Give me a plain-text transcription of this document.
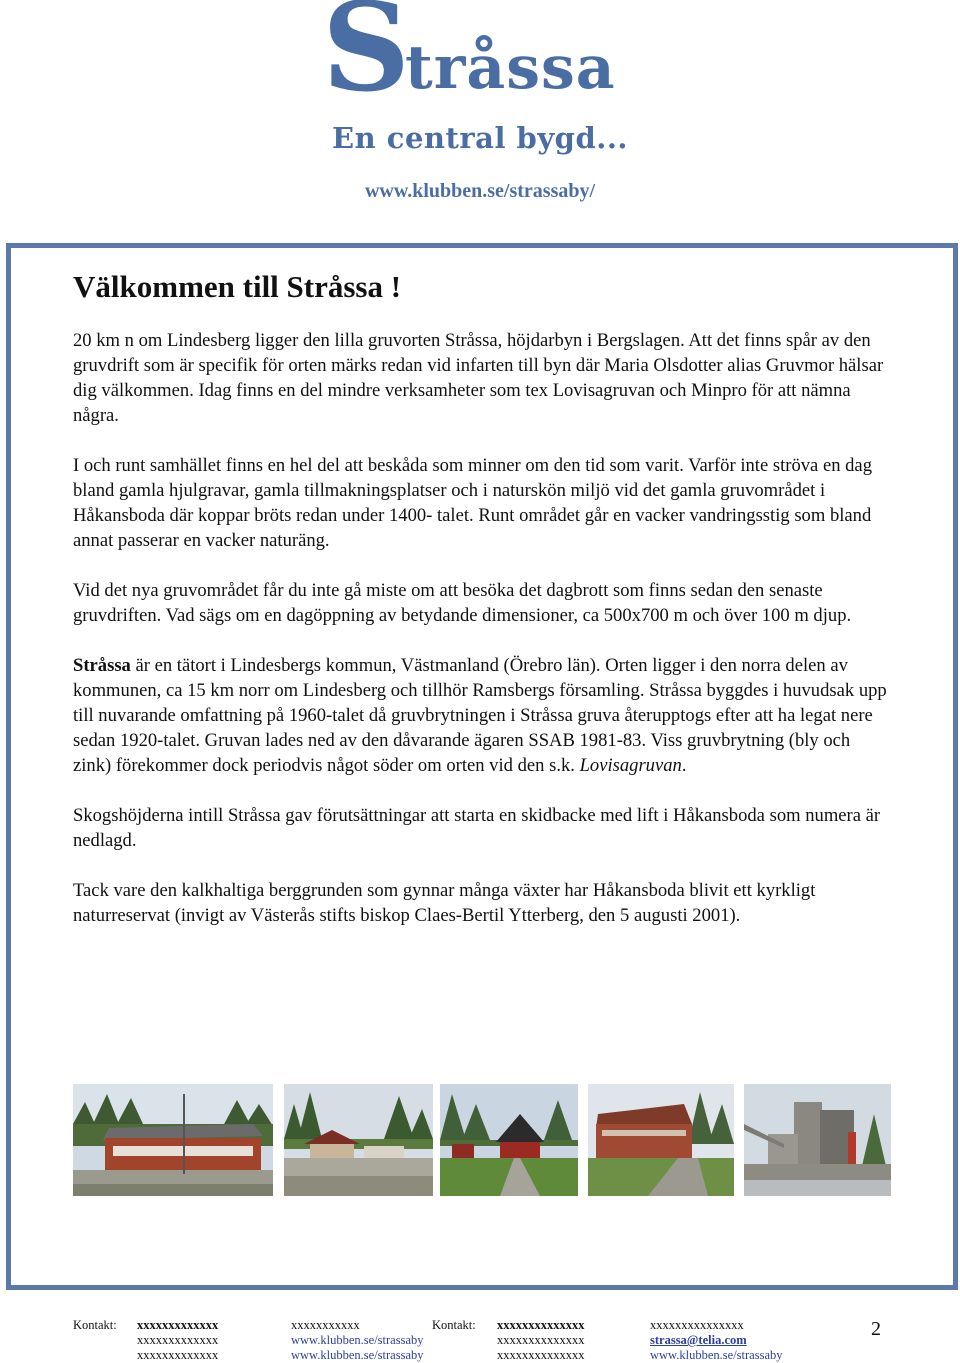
S
tråssa
En central bygd...
www.klubben.se/strassaby/
Välkommen till Stråssa !

20 km n om Lindesberg ligger den lilla gruvorten Stråssa, höjdarbyn i Bergslagen. Att det finns spår av den gruvdrift som är specifik för orten märks redan vid infarten till byn där Maria Olsdotter alias Gruvmor hälsar dig välkommen. Idag finns en del mindre verksamheter som tex Lovisagruvan och Minpro för att nämna några.

I och runt samhället finns en hel del att beskåda som minner om den tid som varit. Varför inte ströva en dag bland gamla hjulgravar, gamla tillmakningsplatser och i naturskön miljö vid det gamla gruvområdet i Håkansboda där koppar bröts redan under 1400- talet. Runt området går en vacker vandringsstig som bland annat passerar en vacker naturäng.

Vid det nya gruvområdet får du inte gå miste om att besöka det dagbrott som finns sedan den senaste gruvdriften. Vad sägs om en dagöppning av betydande dimensioner, ca 500x700 m och över 100 m djup.

Stråssa är en tätort i Lindesbergs kommun, Västmanland (Örebro län). Orten ligger i den norra delen av kommunen, ca 15 km norr om Lindesberg och tillhör Ramsbergs församling. Stråssa byggdes i huvudsak upp till nuvarande omfattning på 1960-talet då gruvbrytningen i Stråssa gruva återupptogs efter att ha legat nere sedan 1920-talet. Gruvan lades ned av den dåvarande ägaren SSAB 1981-83. Viss gruvbrytning (bly och zink) förekommer dock periodvis något söder om orten vid den s.k. Lovisagruvan.

Skogshöjderna intill Stråssa gav förutsättningar att starta en skidbacke med lift i Håkansboda som numera är nedlagd.

Tack vare den kalkhaltiga berggrunden som gynnar många växter har Håkansboda blivit ett kyrkligt naturreservat (invigt av Västerås stifts biskop Claes-Bertil Ytterberg, den 5 augusti 2001).

Kontakt: xxxxxxxxxxxxx
xxxxxxxxxxxxx
xxxxxxxxxxxxx
xxxxxxxxxxx
www.klubben.se/strassaby
www.klubben.se/strassaby
Kontakt: xxxxxxxxxxxxxx
xxxxxxxxxxxxxx
xxxxxxxxxxxxxx
xxxxxxxxxxxxxxx
strassa@telia.com
www.klubben.se/strassaby
2
